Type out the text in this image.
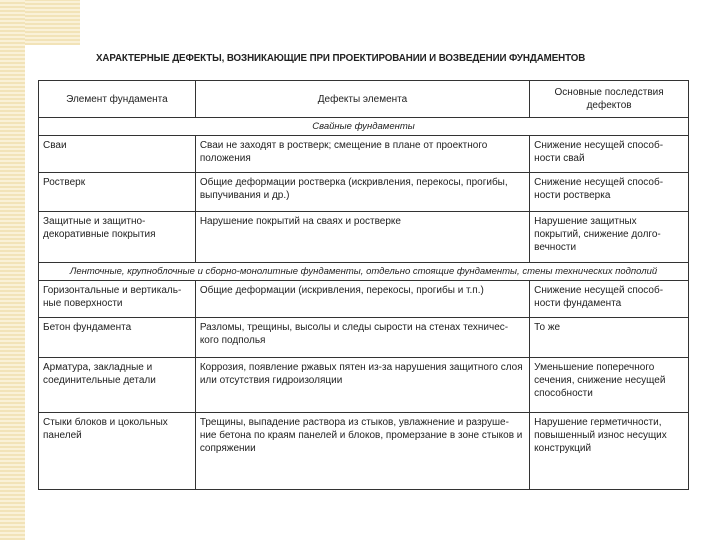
ХАРАКТЕРНЫЕ ДЕФЕКТЫ, ВОЗНИКАЮЩИЕ ПРИ ПРОЕКТИРОВАНИИ И ВОЗВЕДЕНИИ ФУНДАМЕНТОВ
Элемент фундамента	Дефекты элемента	Основные последствия дефектов
Свайные фундаменты		
Сваи	Сваи не заходят в ростверк; смещение в плане от проектного положения	Снижение несущей способ-ности свай
Ростверк	Общие деформации ростверка (искривления, перекосы, прогибы, выпучивания и др.)	Снижение несущей способ-ности ростверка
Защитные и защитно-декоративные покрытия	Нарушение покрытий на сваях и ростверке	Нарушение защитных покрытий, снижение долго-вечности
Ленточные, крупноблочные и сборно-монолитные фундаменты, отдельно стоящие фундаменты, стены технических подполий		
Горизонтальные и вертикаль-ные поверхности	Общие деформации (искривления, перекосы, прогибы и т.п.)	Снижение несущей способ-ности фундамента
Бетон фундамента	Разломы, трещины, высолы и следы сырости на стенах техничес-кого подполья	То же
Арматура, закладные и соединительные детали	Коррозия, появление ржавых пятен из-за нарушения защитного слоя или отсутствия гидроизоляции	Уменьшение поперечного сечения, снижение несущей способности
Стыки блоков и цокольных панелей	Трещины, выпадение раствора из стыков, увлажнение и разруше-ние бетона по краям панелей и блоков, промерзание в зоне стыков и сопряжении	Нарушение герметичности, повышенный износ несущих конструкций
